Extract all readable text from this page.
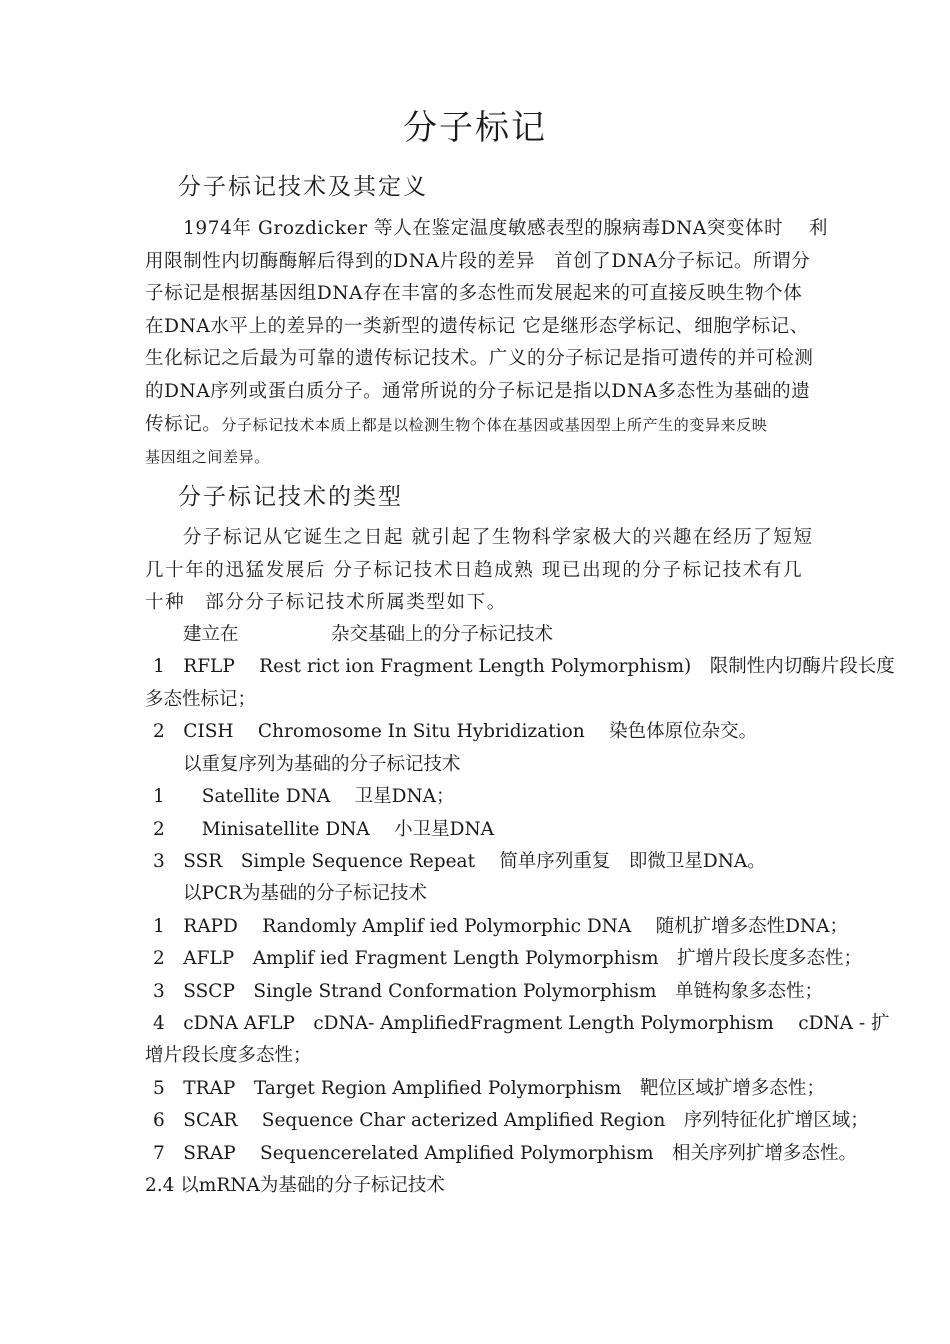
分子标记
分子标记技术及其定义
1974年 Grozdicker 等人在鉴定温度敏感表型的腺病毒DNA突变体时　 利
用限制性内切酶酶解后得到的DNA片段的差异　首创了DNA分子标记。所谓分
子标记是根据基因组DNA存在丰富的多态性而发展起来的可直接反映生物个体
在DNA水平上的差异的一类新型的遗传标记 它是继形态学标记、细胞学标记、
生化标记之后最为可靠的遗传标记技术。广义的分子标记是指可遗传的并可检测
的DNA序列或蛋白质分子。通常所说的分子标记是指以DNA多态性为基础的遗
传标记。分子标记技术本质上都是以检测生物个体在基因或基因型上所产生的变异来反映
基因组之间差异。
分子标记技术的类型
分子标记从它诞生之日起 就引起了生物科学家极大的兴趣在经历了短短
几十年的迅猛发展后 分子标记技术日趋成熟 现已出现的分子标记技术有几
十种　部分分子标记技术所属类型如下。
建立在　　　　　杂交基础上的分子标记技术
1　RFLP　 Rest rict ion Fragment Length Polymorphism)　限制性内切酶片段长度
多态性标记；
2　CISH　 Chromosome In Situ Hybridization　 染色体原位杂交。
以重复序列为基础的分子标记技术
1　　Satellite DNA　 卫星DNA；
2　　Minisatellite DNA　 小卫星DNA
3　SSR　Simple Sequence Repeat　 简单序列重复　即微卫星DNA。
以PCR为基础的分子标记技术
1　RAPD　 Randomly Amplif ied Polymorphic DNA　 随机扩增多态性DNA；
2　AFLP　Amplif ied Fragment Length Polymorphism　扩增片段长度多态性；
3　SSCP　Single Strand Conformation Polymorphism　单链构象多态性；
4　cDNA AFLP　cDNA- AmplifiedFragment Length Polymorphism　 cDNA - 扩
增片段长度多态性；
5　TRAP　Target Region Amplified Polymorphism　靶位区域扩增多态性；
6　SCAR　 Sequence Char acterized Amplified Region　序列特征化扩增区域；
7　SRAP　 Sequencerelated Amplified Polymorphism　相关序列扩增多态性。
2.4 以mRNA为基础的分子标记技术
